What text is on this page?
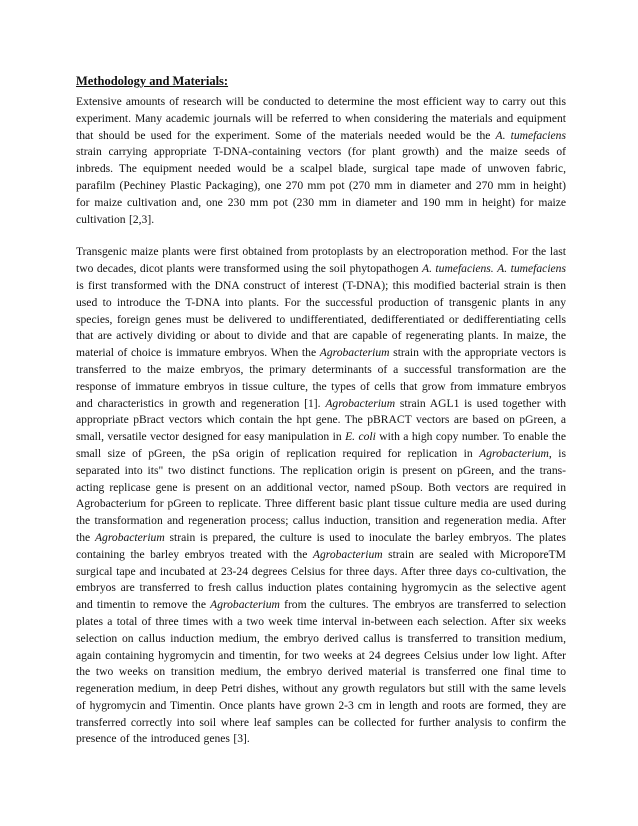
Methodology and Materials:

Extensive amounts of research will be conducted to determine the most efficient way to carry out this experiment. Many academic journals will be referred to when considering the materials and equipment that should be used for the experiment. Some of the materials needed would be the A. tumefaciens strain carrying appropriate T-DNA-containing vectors (for plant growth) and the maize seeds of inbreds. The equipment needed would be a scalpel blade, surgical tape made of unwoven fabric, parafilm (Pechiney Plastic Packaging), one 270 mm pot (270 mm in diameter and 270 mm in height) for maize cultivation and, one 230 mm pot (230 mm in diameter and 190 mm in height) for maize cultivation [2,3].

Transgenic maize plants were first obtained from protoplasts by an electroporation method. For the last two decades, dicot plants were transformed using the soil phytopathogen A. tumefaciens. A. tumefaciens is first transformed with the DNA construct of interest (T-DNA); this modified bacterial strain is then used to introduce the T-DNA into plants. For the successful production of transgenic plants in any species, foreign genes must be delivered to undifferentiated, dedifferentiated or dedifferentiating cells that are actively dividing or about to divide and that are capable of regenerating plants. In maize, the material of choice is immature embryos. When the Agrobacterium strain with the appropriate vectors is transferred to the maize embryos, the primary determinants of a successful transformation are the response of immature embryos in tissue culture, the types of cells that grow from immature embryos and characteristics in growth and regeneration [1]. Agrobacterium strain AGL1 is used together with appropriate pBract vectors which contain the hpt gene. The pBRACT vectors are based on pGreen, a small, versatile vector designed for easy manipulation in E. coli with a high copy number. To enable the small size of pGreen, the pSa origin of replication required for replication in Agrobacterium, is separated into its" two distinct functions. The replication origin is present on pGreen, and the trans-acting replicase gene is present on an additional vector, named pSoup. Both vectors are required in Agrobacterium for pGreen to replicate. Three different basic plant tissue culture media are used during the transformation and regeneration process; callus induction, transition and regeneration media. After the Agrobacterium strain is prepared, the culture is used to inoculate the barley embryos. The plates containing the barley embryos treated with the Agrobacterium strain are sealed with MicroporeTM surgical tape and incubated at 23-24 degrees Celsius for three days. After three days co-cultivation, the embryos are transferred to fresh callus induction plates containing hygromycin as the selective agent and timentin to remove the Agrobacterium from the cultures. The embryos are transferred to selection plates a total of three times with a two week time interval in-between each selection. After six weeks selection on callus induction medium, the embryo derived callus is transferred to transition medium, again containing hygromycin and timentin, for two weeks at 24 degrees Celsius under low light. After the two weeks on transition medium, the embryo derived material is transferred one final time to regeneration medium, in deep Petri dishes, without any growth regulators but still with the same levels of hygromycin and Timentin. Once plants have grown 2-3 cm in length and roots are formed, they are transferred correctly into soil where leaf samples can be collected for further analysis to confirm the presence of the introduced genes [3].
